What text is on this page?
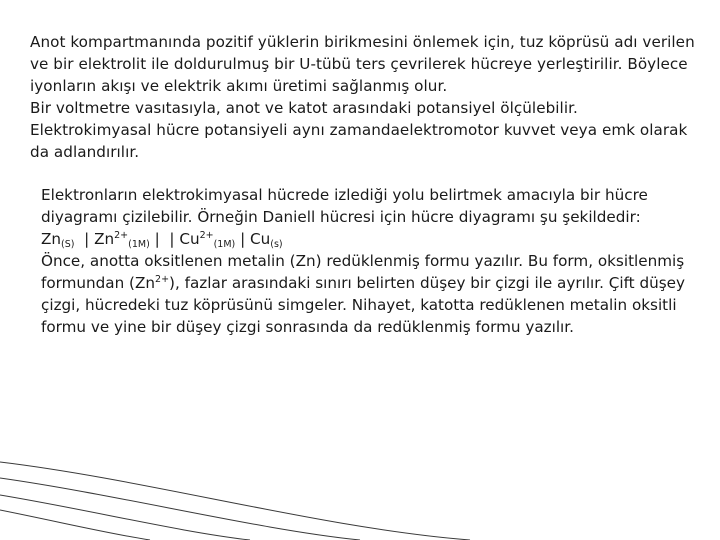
Anot kompartmanında pozitif yüklerin birikmesini önlemek için, tuz köprüsü adı verilen ve bir elektrolit ile doldurulmuş bir U-tübü ters çevrilerek hücreye yerleştirilir. Böylece iyonların akışı ve elektrik akımı üretimi sağlanmış olur.

Bir voltmetre vasıtasıyla, anot ve katot arasındaki potansiyel ölçülebilir.

Elektrokimyasal hücre potansiyeli aynı zamandaelektromotor kuvvet veya emk olarak da adlandırılır.

Elektronların elektrokimyasal hücrede izlediği yolu belirtmek amacıyla bir hücre diyagramı çizilebilir. Örneğin Daniell hücresi için hücre diyagramı şu şekildedir:

$Zn_{(S)}$  | $Zn^{2+}_{(1M)}$ |  | $Cu^{2+}_{(1M)}$ | $Cu_{(s)}$

Önce, anotta oksitlenen metalin (Zn) redüklenmiş formu yazılır. Bu form, oksitlenmiş formundan $(Zn^{2+})$, fazlar arasındaki sınırı belirten düşey bir çizgi ile ayrılır. Çift düşey çizgi, hücredeki tuz köprüsünü simgeler. Nihayet, katotta redüklenen metalin oksitli formu ve yine bir düşey çizgi sonrasında da redüklenmiş formu yazılır.
